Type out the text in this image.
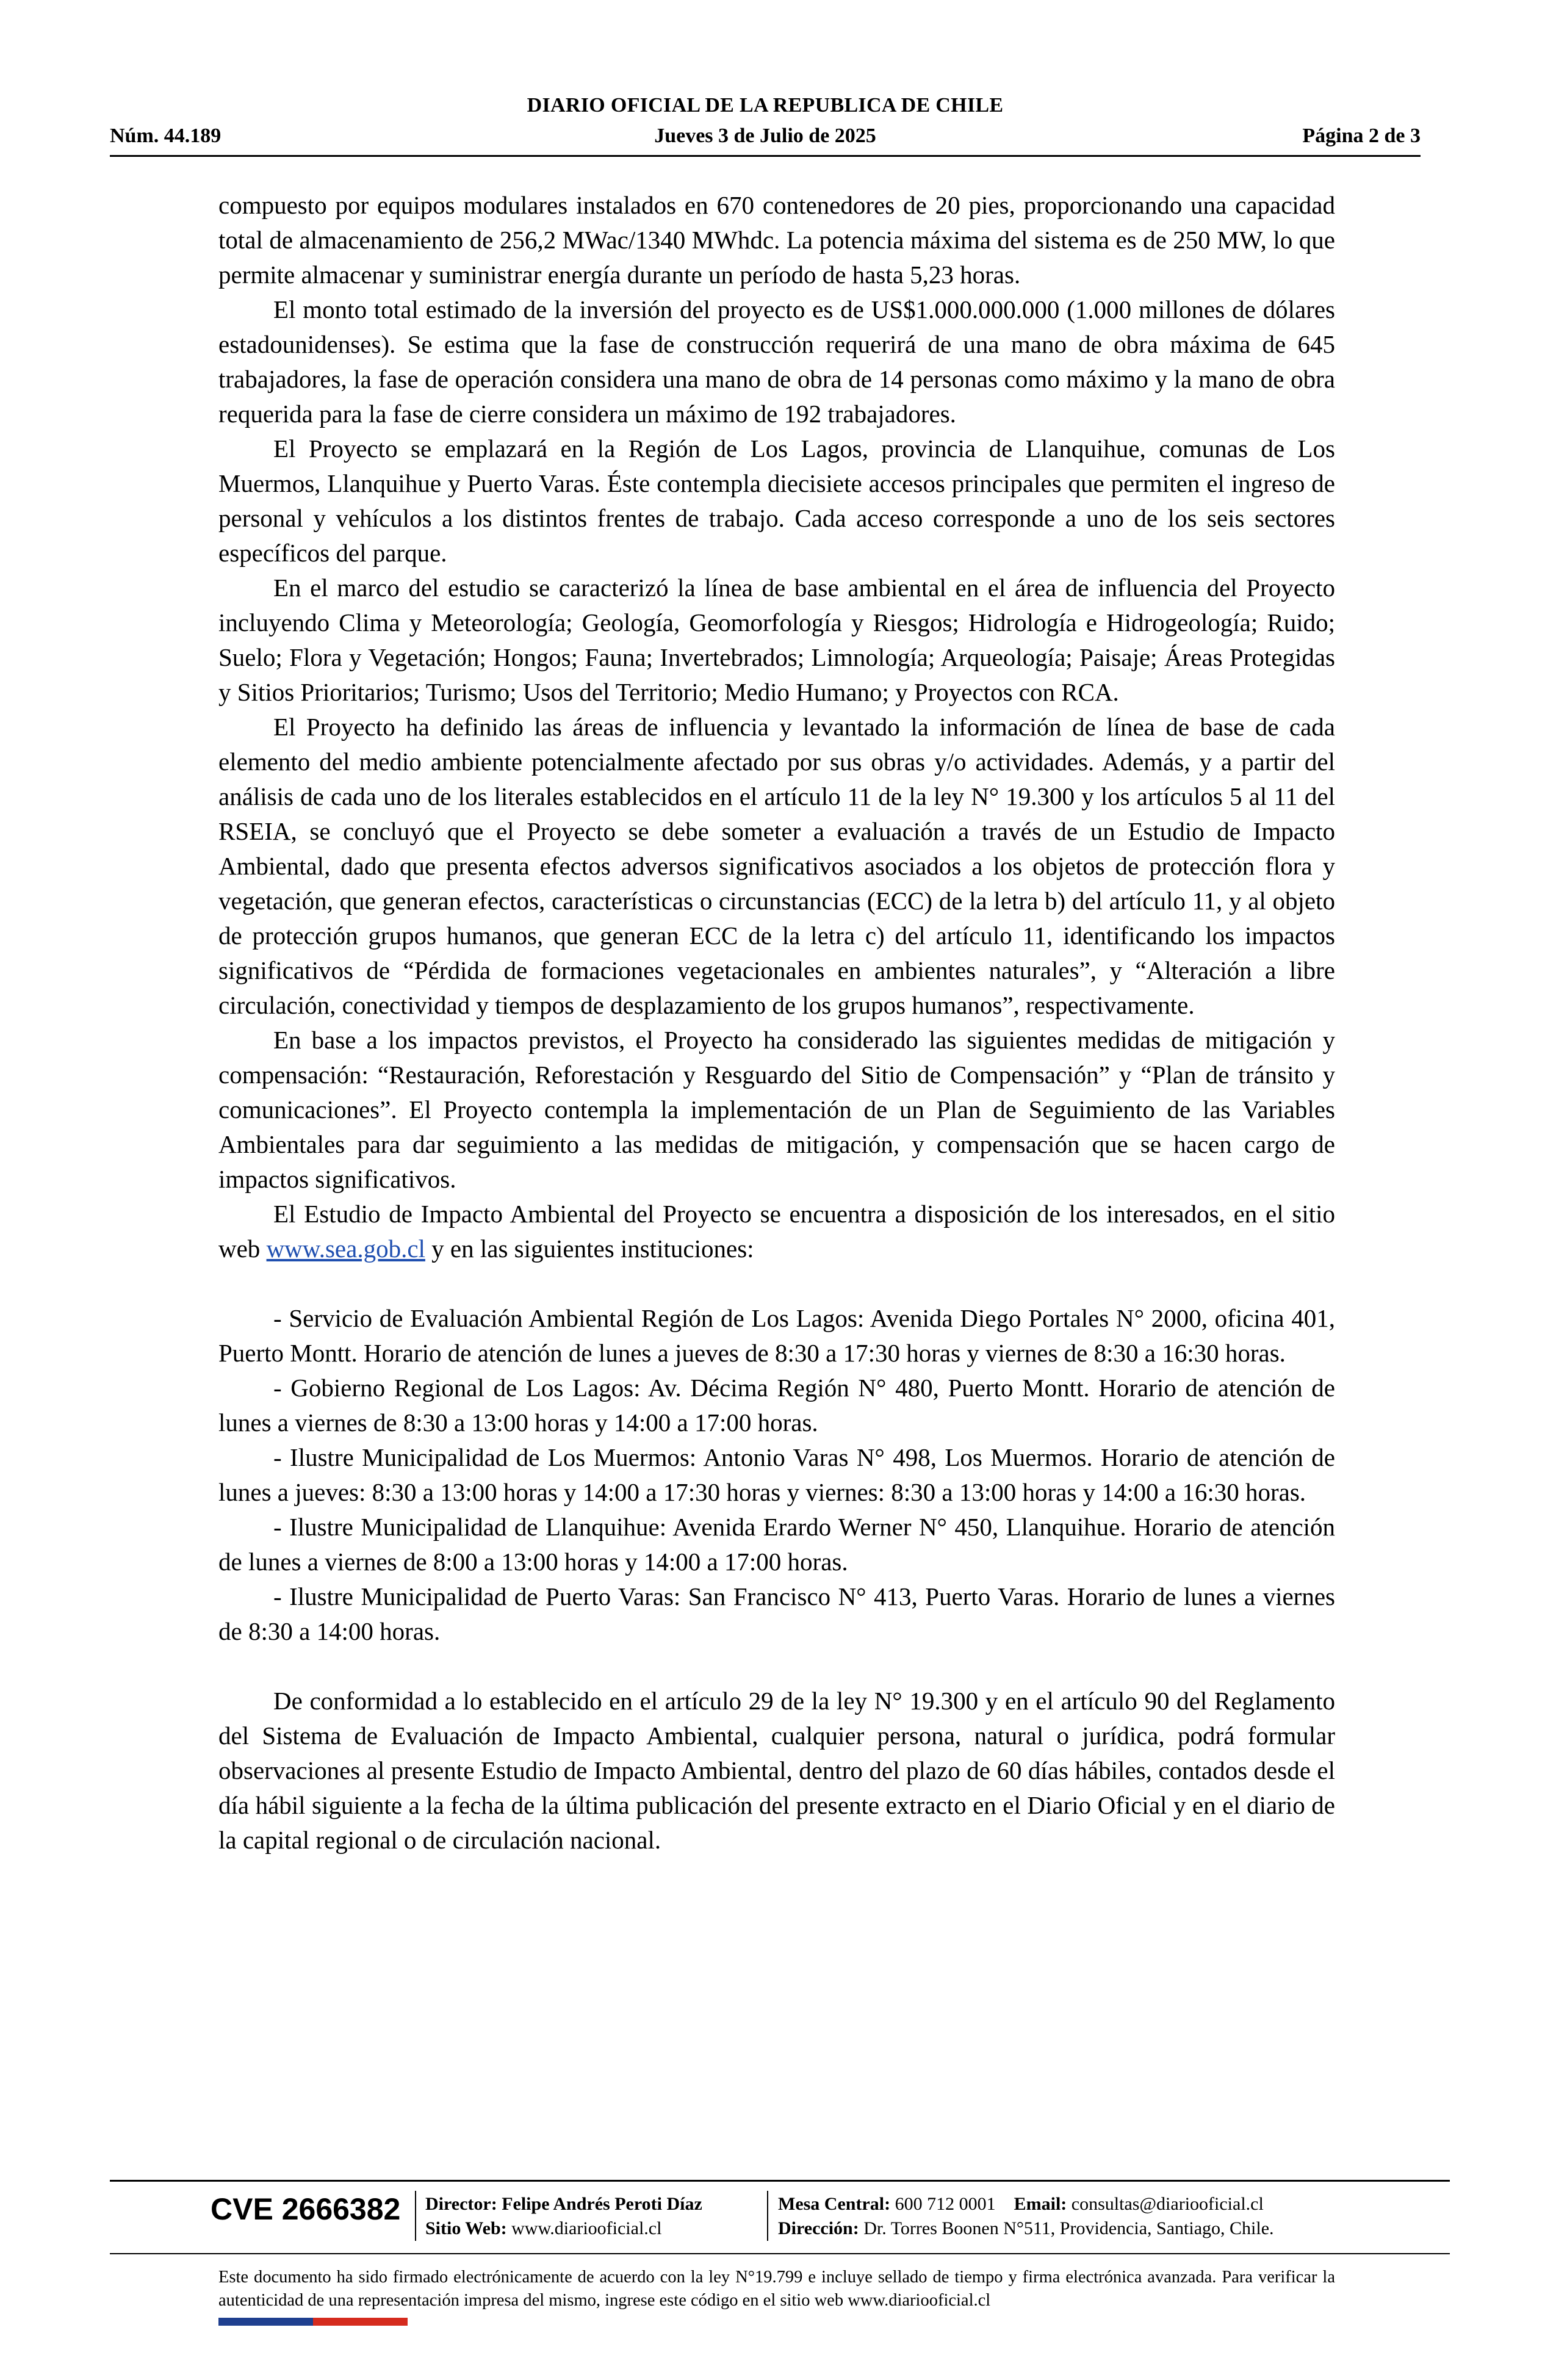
DIARIO OFICIAL DE LA REPUBLICA DE CHILE
Núm. 44.189	Jueves 3 de Julio de 2025	Página 2 de 3

compuesto por equipos modulares instalados en 670 contenedores de 20 pies, proporcionando una capacidad total de almacenamiento de 256,2 MWac/1340 MWhdc. La potencia máxima del sistema es de 250 MW, lo que permite almacenar y suministrar energía durante un período de hasta 5,23 horas.

El monto total estimado de la inversión del proyecto es de US$1.000.000.000 (1.000 millones de dólares estadounidenses). Se estima que la fase de construcción requerirá de una mano de obra máxima de 645 trabajadores, la fase de operación considera una mano de obra de 14 personas como máximo y la mano de obra requerida para la fase de cierre considera un máximo de 192 trabajadores.

El Proyecto se emplazará en la Región de Los Lagos, provincia de Llanquihue, comunas de Los Muermos, Llanquihue y Puerto Varas. Éste contempla diecisiete accesos principales que permiten el ingreso de personal y vehículos a los distintos frentes de trabajo. Cada acceso corresponde a uno de los seis sectores específicos del parque.

En el marco del estudio se caracterizó la línea de base ambiental en el área de influencia del Proyecto incluyendo Clima y Meteorología; Geología, Geomorfología y Riesgos; Hidrología e Hidrogeología; Ruido; Suelo; Flora y Vegetación; Hongos; Fauna; Invertebrados; Limnología; Arqueología; Paisaje; Áreas Protegidas y Sitios Prioritarios; Turismo; Usos del Territorio; Medio Humano; y Proyectos con RCA.

El Proyecto ha definido las áreas de influencia y levantado la información de línea de base de cada elemento del medio ambiente potencialmente afectado por sus obras y/o actividades. Además, y a partir del análisis de cada uno de los literales establecidos en el artículo 11 de la ley N° 19.300 y los artículos 5 al 11 del RSEIA, se concluyó que el Proyecto se debe someter a evaluación a través de un Estudio de Impacto Ambiental, dado que presenta efectos adversos significativos asociados a los objetos de protección flora y vegetación, que generan efectos, características o circunstancias (ECC) de la letra b) del artículo 11, y al objeto de protección grupos humanos, que generan ECC de la letra c) del artículo 11, identificando los impactos significativos de “Pérdida de formaciones vegetacionales en ambientes naturales”, y “Alteración a libre circulación, conectividad y tiempos de desplazamiento de los grupos humanos”, respectivamente.

En base a los impactos previstos, el Proyecto ha considerado las siguientes medidas de mitigación y compensación: “Restauración, Reforestación y Resguardo del Sitio de Compensación” y “Plan de tránsito y comunicaciones”. El Proyecto contempla la implementación de un Plan de Seguimiento de las Variables Ambientales para dar seguimiento a las medidas de mitigación, y compensación que se hacen cargo de impactos significativos.

El Estudio de Impacto Ambiental del Proyecto se encuentra a disposición de los interesados, en el sitio web www.sea.gob.cl y en las siguientes instituciones:

- Servicio de Evaluación Ambiental Región de Los Lagos: Avenida Diego Portales N° 2000, oficina 401, Puerto Montt. Horario de atención de lunes a jueves de 8:30 a 17:30 horas y viernes de 8:30 a 16:30 horas.

- Gobierno Regional de Los Lagos: Av. Décima Región N° 480, Puerto Montt. Horario de atención de lunes a viernes de 8:30 a 13:00 horas y 14:00 a 17:00 horas.

- Ilustre Municipalidad de Los Muermos: Antonio Varas N° 498, Los Muermos. Horario de atención de lunes a jueves: 8:30 a 13:00 horas y 14:00 a 17:30 horas y viernes: 8:30 a 13:00 horas y 14:00 a 16:30 horas.

- Ilustre Municipalidad de Llanquihue: Avenida Erardo Werner N° 450, Llanquihue. Horario de atención de lunes a viernes de 8:00 a 13:00 horas y 14:00 a 17:00 horas.

- Ilustre Municipalidad de Puerto Varas: San Francisco N° 413, Puerto Varas. Horario de lunes a viernes de 8:30 a 14:00 horas.

De conformidad a lo establecido en el artículo 29 de la ley N° 19.300 y en el artículo 90 del Reglamento del Sistema de Evaluación de Impacto Ambiental, cualquier persona, natural o jurídica, podrá formular observaciones al presente Estudio de Impacto Ambiental, dentro del plazo de 60 días hábiles, contados desde el día hábil siguiente a la fecha de la última publicación del presente extracto en el Diario Oficial y en el diario de la capital regional o de circulación nacional.

CVE 2666382 Director: Felipe Andrés Peroti Díaz
Sitio Web: www.diariooficial.cl
Mesa Central: 600 712 0001 Email: consultas@diariooficial.cl
Dirección: Dr. Torres Boonen N°511, Providencia, Santiago, Chile.
Este documento ha sido firmado electrónicamente de acuerdo con la ley N°19.799 e incluye sellado de tiempo y firma electrónica avanzada. Para verificar la autenticidad de una representación impresa del mismo, ingrese este código en el sitio web www.diariooficial.cl
